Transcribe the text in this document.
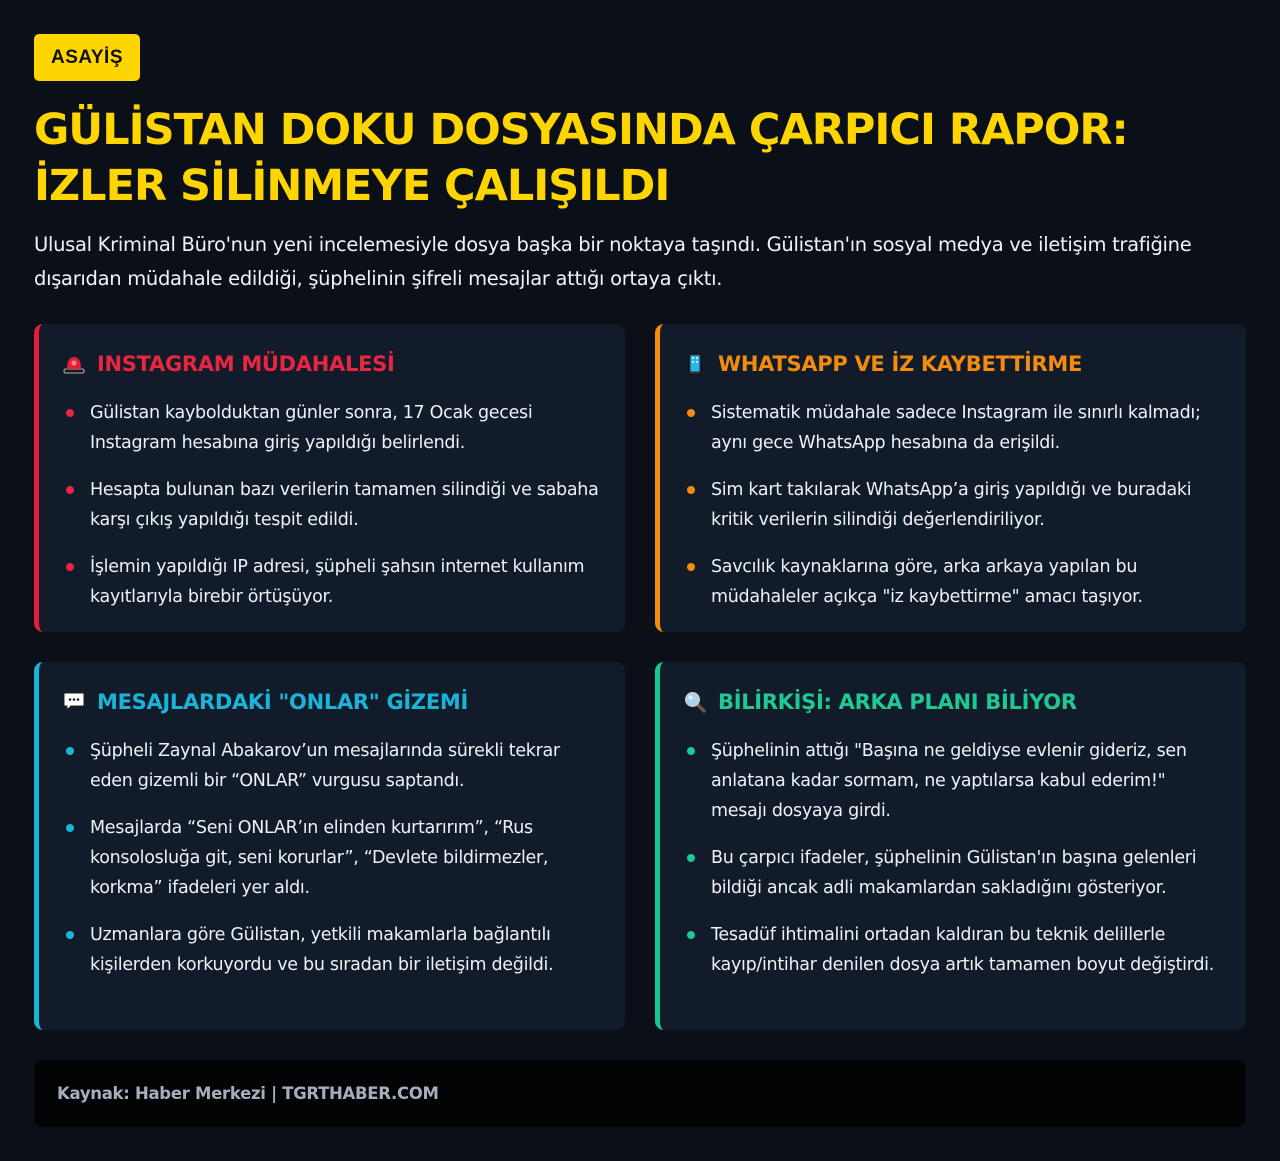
ASAYİŞ
GÜLİSTAN DOKU DOSYASINDA ÇARPICI RAPOR: İZLER SİLİNMEYE ÇALIŞILDI

Ulusal Kriminal Büro'nun yeni incelemesiyle dosya başka bir noktaya taşındı. Gülistan'ın sosyal medya ve iletişim trafiğine dışarıdan müdahale edildiği, şüphelinin şifreli mesajlar attığı ortaya çıktı.

INSTAGRAM MÜDAHALESİ
Gülistan kaybolduktan günler sonra, 17 Ocak gecesi Instagram hesabına giriş yapıldığı belirlendi.
Hesapta bulunan bazı verilerin tamamen silindiği ve sabaha karşı çıkış yapıldığı tespit edildi.
İşlemin yapıldığı IP adresi, şüpheli şahsın internet kullanım kayıtlarıyla birebir örtüşüyor.
WHATSAPP VE İZ KAYBETTİRME
Sistematik müdahale sadece Instagram ile sınırlı kalmadı; aynı gece WhatsApp hesabına da erişildi.
Sim kart takılarak WhatsApp’a giriş yapıldığı ve buradaki kritik verilerin silindiği değerlendiriliyor.
Savcılık kaynaklarına göre, arka arkaya yapılan bu müdahaleler açıkça "iz kaybettirme" amacı taşıyor.
MESAJLARDAKİ "ONLAR" GİZEMİ
Şüpheli Zaynal Abakarov’un mesajlarında sürekli tekrar eden gizemli bir “ONLAR” vurgusu saptandı.
Mesajlarda “Seni ONLAR’ın elinden kurtarırım”, “Rus konsolosluğa git, seni korurlar”, “Devlete bildirmezler, korkma” ifadeleri yer aldı.
Uzmanlara göre Gülistan, yetkili makamlarla bağlantılı kişilerden korkuyordu ve bu sıradan bir iletişim değildi.
BİLİRKİŞİ: ARKA PLANI BİLİYOR
Şüphelinin attığı "Başına ne geldiyse evlenir gideriz, sen anlatana kadar sormam, ne yaptılarsa kabul ederim!" mesajı dosyaya girdi.
Bu çarpıcı ifadeler, şüphelinin Gülistan'ın başına gelenleri bildiği ancak adli makamlardan sakladığını gösteriyor.
Tesadüf ihtimalini ortadan kaldıran bu teknik delillerle kayıp/intihar denilen dosya artık tamamen boyut değiştirdi.
Kaynak: Haber Merkezi | TGRTHABER.COM
